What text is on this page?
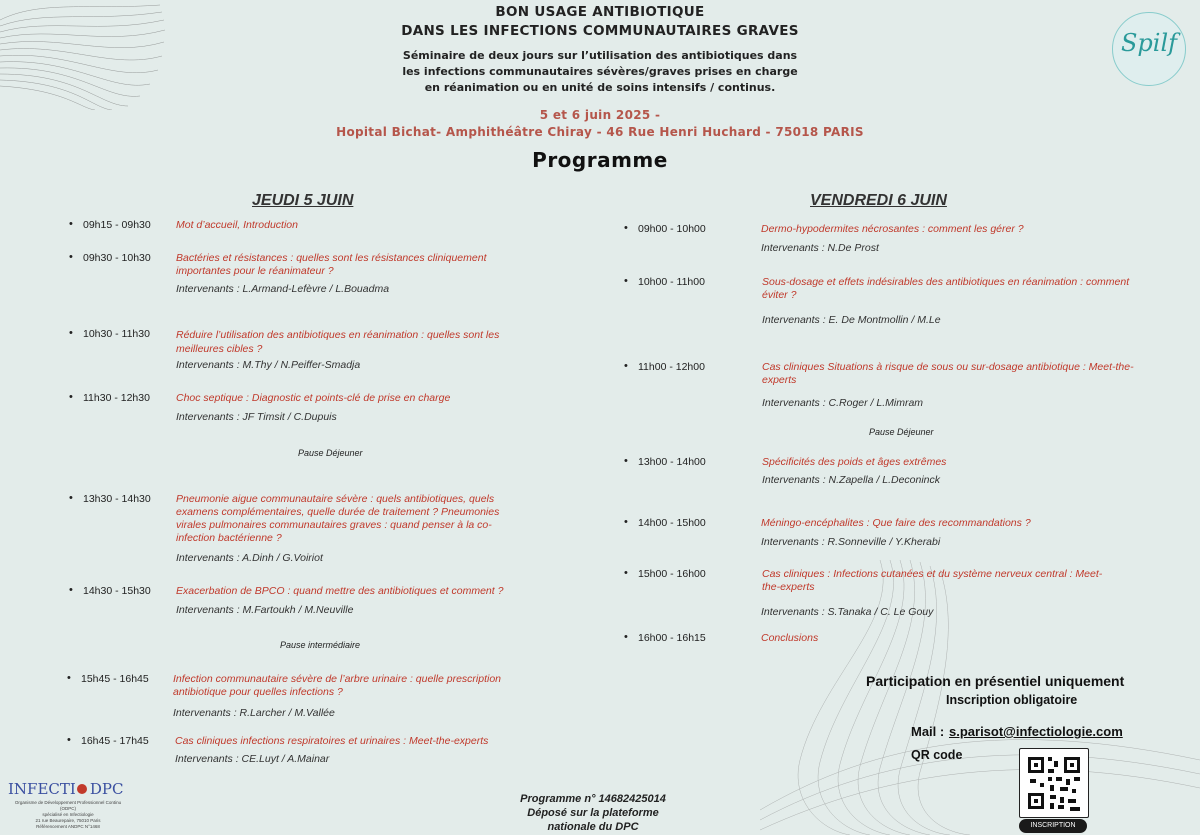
Spilf
BON USAGE ANTIBIOTIQUE
DANS LES INFECTIONS COMMUNAUTAIRES GRAVES
Séminaire de deux jours sur l’utilisation des antibiotiques dans
les infections communautaires sévères/graves prises en charge
en réanimation ou en unité de soins intensifs / continus.
5 et 6 juin 2025 -
Hopital Bichat- Amphithéâtre Chiray - 46 Rue Henri Huchard - 75018 PARIS
Programme
JEUDI 5 JUIN	VENDREDI 6 JUIN
• 09h15 - 09h30 Mot d’accueil, Introduction
• 09h30 - 10h30 Bactéries et résistances : quelles sont les résistances cliniquement importantes pour le réanimateur ?
Intervenants : L.Armand-Lefèvre / L.Bouadma
• 10h30 - 11h30 Réduire l’utilisation des antibiotiques en réanimation : quelles sont les meilleures cibles ?
Intervenants : M.Thy / N.Peiffer-Smadja
• 11h30 - 12h30 Choc septique : Diagnostic et points-clé de prise en charge
Intervenants : JF Timsit / C.Dupuis
Pause Déjeuner
• 13h30 - 14h30 Pneumonie aigue communautaire sévère : quels antibiotiques, quels examens complémentaires, quelle durée de traitement ? Pneumonies virales pulmonaires communautaires graves : quand penser à la co-infection bactérienne ?
Intervenants : A.Dinh / G.Voiriot
• 14h30 - 15h30 Exacerbation de BPCO : quand mettre des antibiotiques et comment ?
Intervenants : M.Fartoukh / M.Neuville
Pause intermédiaire
• 15h45 - 16h45 Infection communautaire sévère de l’arbre urinaire : quelle prescription antibiotique pour quelles infections ?
Intervenants : R.Larcher / M.Vallée
• 16h45 - 17h45	Cas cliniques infections respiratoires et urinaires : Meet-the-experts
Intervenants : CE.Luyt / A.Mainar
• 09h00 - 10h00	Dermo-hypodermites nécrosantes : comment les gérer ?
Intervenants : N.De Prost
• 10h00 - 11h00	Sous-dosage et effets indésirables des antibiotiques en réanimation : comment éviter ?
Intervenants : E. De Montmollin / M.Le
• 11h00 - 12h00	Cas cliniques Situations à risque de sous ou sur-dosage antibiotique : Meet-the-experts
Intervenants : C.Roger / L.Mimram
Pause Déjeuner
• 13h00 - 14h00	Spécificités des poids et âges extrêmes
Intervenants : N.Zapella / L.Deconinck
• 14h00 - 15h00	Méningo-encéphalites : Que faire des recommandations ?
Intervenants : R.Sonneville / Y.Kherabi
• 15h00 - 16h00	Cas cliniques : Infections cutanées et du système nerveux central : Meet-the-experts
Intervenants : S.Tanaka / C. Le Gouy
• 16h00 - 16h15	Conclusions
Participation en présentiel uniquement
Inscription obligatoire
Mail : s.parisot@infectiologie.com
QR code
INSCRIPTION
Programme n° 14682425014
Déposé sur la plateforme
nationale du DPC
INFECTI DPC
Organisme de Développement Professionnel Continu (ODPC)
spécialisé en Infectiologie
21 rue Beaurepaire, 75010 Paris
Référencement ANDPC N°1468
